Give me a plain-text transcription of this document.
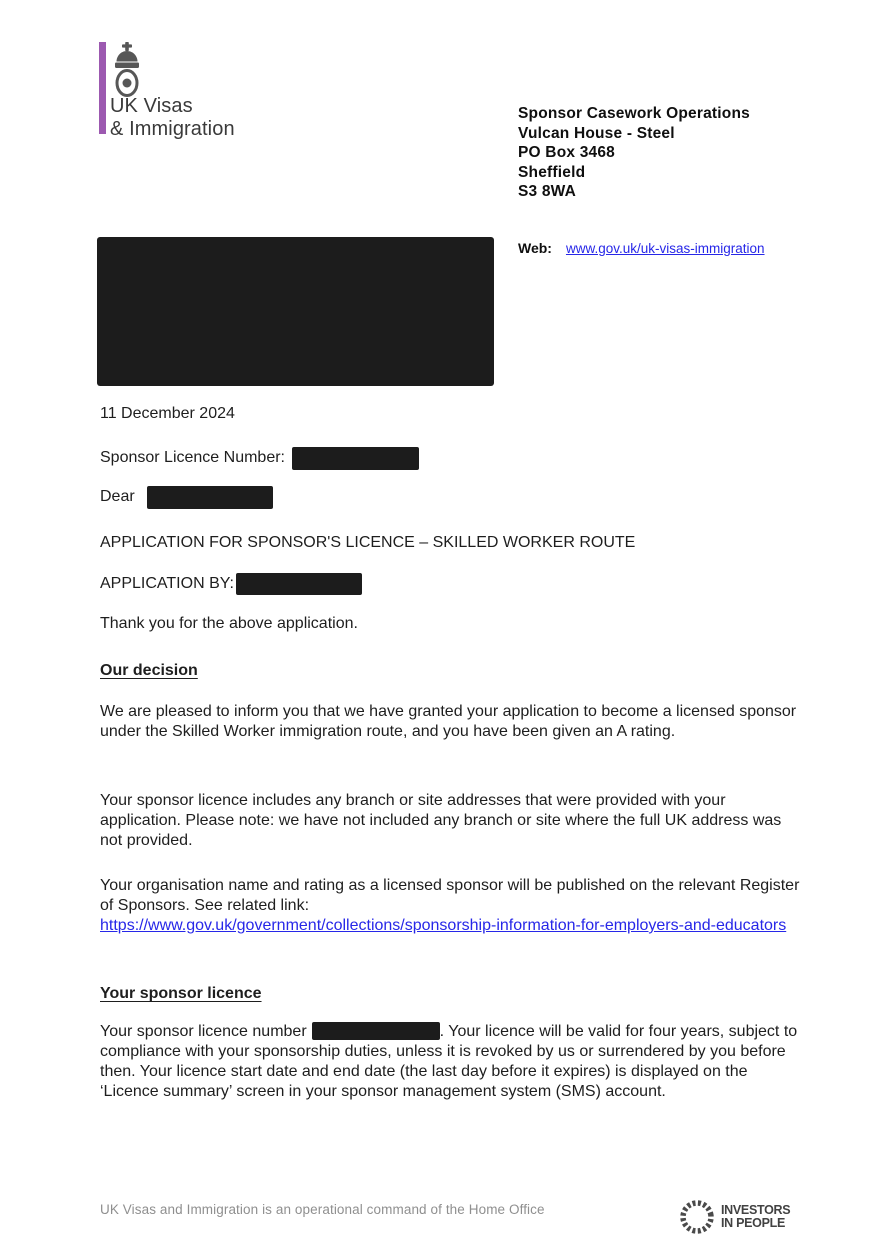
UK Visas
& Immigration
Sponsor Casework Operations
Vulcan House - Steel
PO Box 3468
Sheffield
S3 8WA
Web: www.gov.uk/uk-visas-immigration
11 December 2024
Sponsor Licence Number:
Dear
APPLICATION FOR SPONSOR'S LICENCE – SKILLED WORKER ROUTE
APPLICATION BY:
Thank you for the above application.
Our decision
We are pleased to inform you that we have granted your application to become a licensed sponsor under the Skilled Worker immigration route, and you have been given an A rating.
Your sponsor licence includes any branch or site addresses that were provided with your application. Please note: we have not included any branch or site where the full UK address was not provided.
Your organisation name and rating as a licensed sponsor will be published on the relevant Register of Sponsors. See related link:
https://www.gov.uk/government/collections/sponsorship-information-for-employers-and-educators
Your sponsor licence
Your sponsor licence number	. Your licence will be valid for four years, subject to compliance with your sponsorship duties, unless it is revoked by us or surrendered by you before then. Your licence start date and end date (the last day before it expires) is displayed on the ‘Licence summary’ screen in your sponsor management system (SMS) account.
UK Visas and Immigration is an operational command of the Home Office	INVESTORS
IN PEOPLE
